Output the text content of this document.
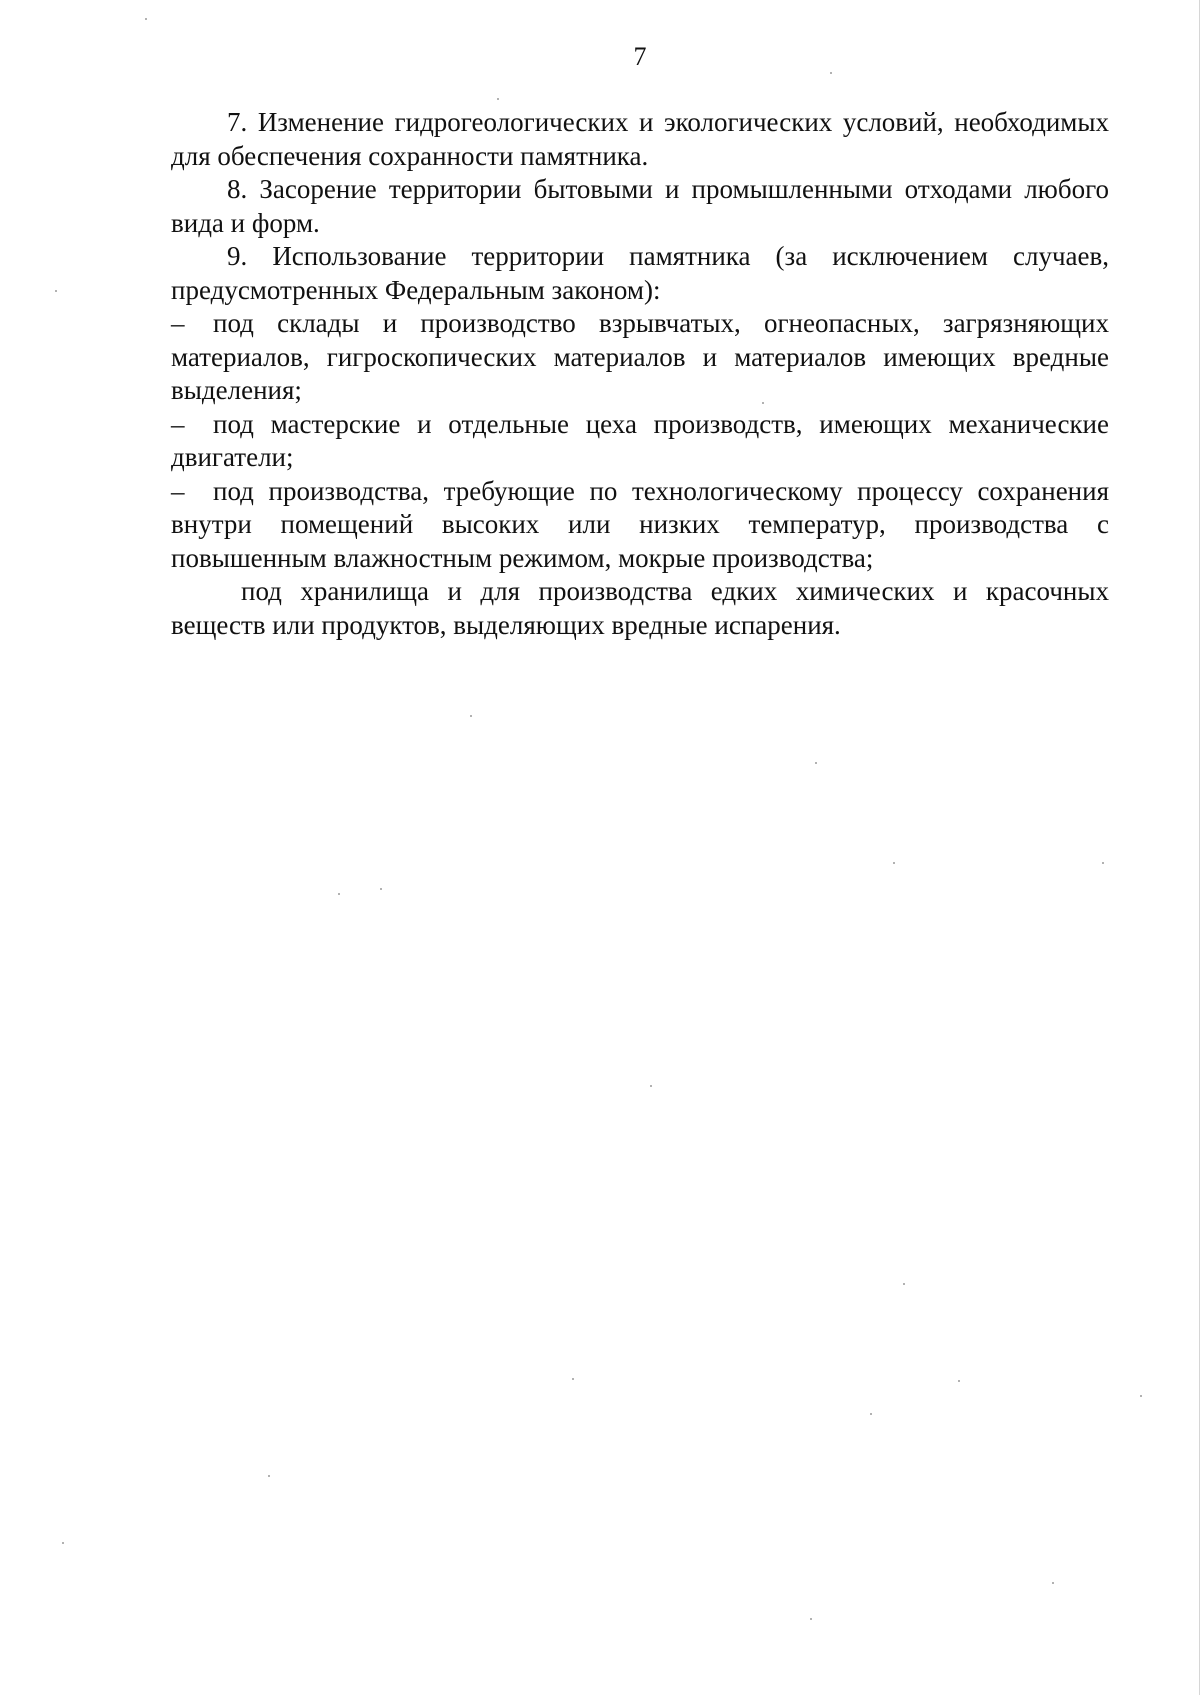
7

7. Изменение гидрогеологических и экологических условий, необходимых для обеспечения сохранности памятника.

8. Засорение территории бытовыми и промышленными отходами любого вида и форм.

9. Использование территории памятника (за исключением случаев, предусмотренных Федеральным законом):

– под склады и производство взрывчатых, огнеопасных, загрязняющих материалов, гигроскопических материалов и материалов имеющих вредные выделения;

– под мастерские и отдельные цеха производств, имеющих механические двигатели;

– под производства, требующие по технологическому процессу сохранения внутри помещений высоких или низких температур, производства с повышенным влажностным режимом, мокрые производства;

под хранилища и для производства едких химических и красочных веществ или продуктов, выделяющих вредные испарения.
